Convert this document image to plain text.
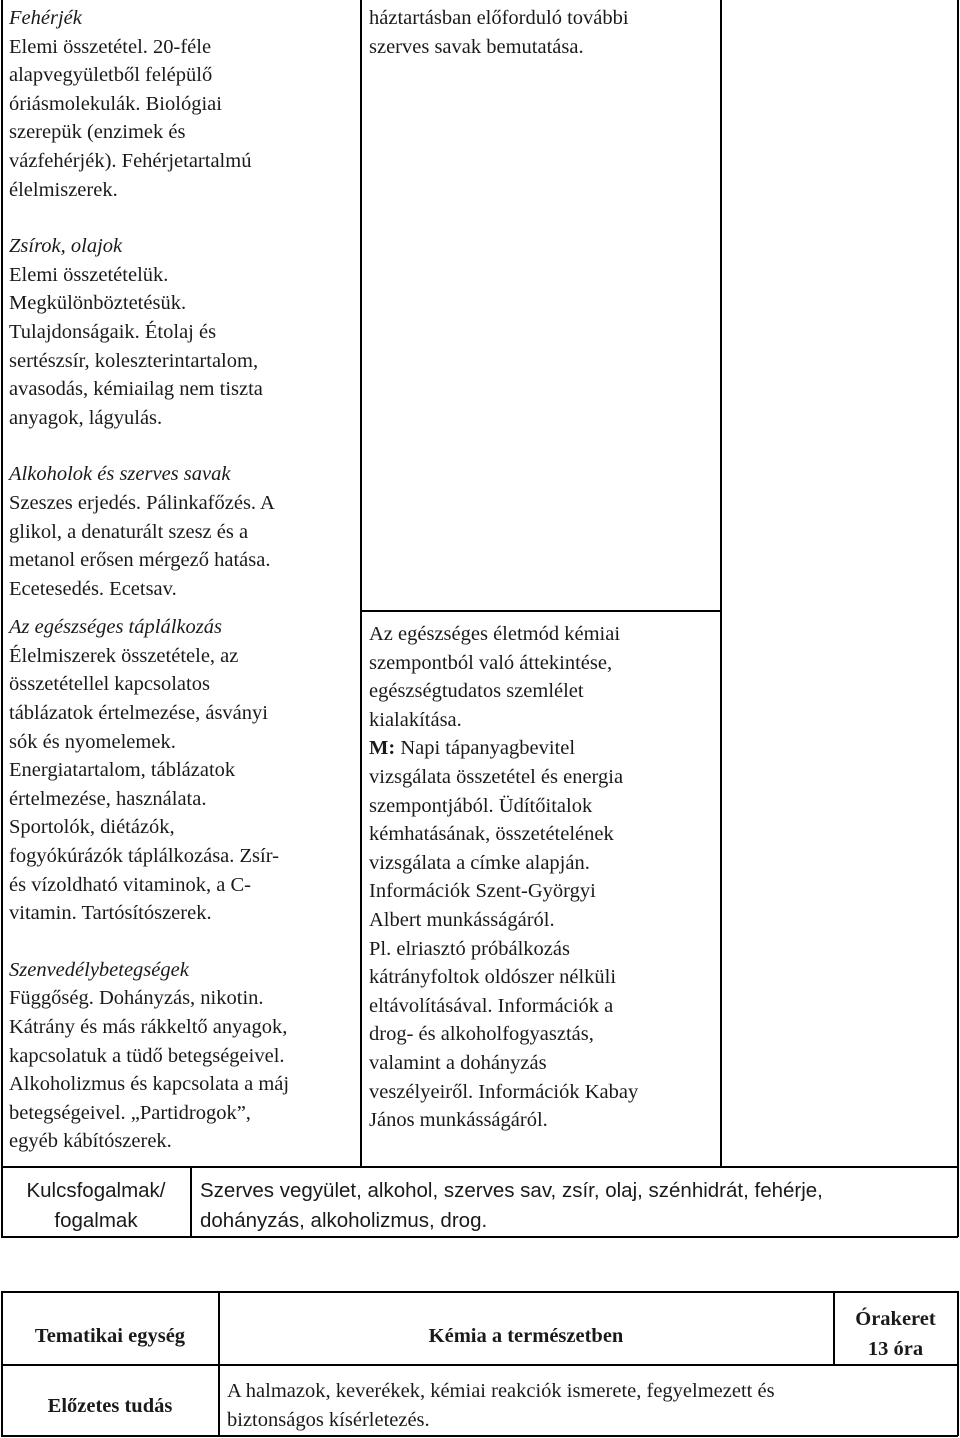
Fehérjék

Elemi összetétel. 20-féle

alapvegyületből felépülő

óriásmolekulák. Biológiai

szerepük (enzimek és

vázfehérjék). Fehérjetartalmú

élelmiszerek.

Zsírok, olajok

Elemi összetételük.

Megkülönböztetésük.

Tulajdonságaik. Étolaj és

sertészsír, koleszterintartalom,

avasodás, kémiailag nem tiszta

anyagok, lágyulás.

Alkoholok és szerves savak

Szeszes erjedés. Pálinkafőzés. A

glikol, a denaturált szesz és a

metanol erősen mérgező hatása.

Ecetesedés. Ecetsav.

Az egészséges táplálkozás

Élelmiszerek összetétele, az

összetétellel kapcsolatos

táblázatok értelmezése, ásványi

sók és nyomelemek.

Energiatartalom, táblázatok

értelmezése, használata.

Sportolók, diétázók,

fogyókúrázók táplálkozása. Zsír-

és vízoldható vitaminok, a C-

vitamin. Tartósítószerek.

Szenvedélybetegségek

Függőség. Dohányzás, nikotin.

Kátrány és más rákkeltő anyagok,

kapcsolatuk a tüdő betegségeivel.

Alkoholizmus és kapcsolata a máj

betegségeivel. „Partidrogok”,

egyéb kábítószerek.

háztartásban előforduló további

szerves savak bemutatása.

Az egészséges életmód kémiai

szempontból való áttekintése,

egészségtudatos szemlélet

kialakítása.

M: Napi tápanyagbevitel

vizsgálata összetétel és energia

szempontjából. Üdítőitalok

kémhatásának, összetételének

vizsgálata a címke alapján.

Információk Szent-Györgyi

Albert munkásságáról.

Pl. elriasztó próbálkozás

kátrányfoltok oldószer nélküli

eltávolításával. Információk a

drog- és alkoholfogyasztás,

valamint a dohányzás

veszélyeiről. Információk Kabay

János munkásságáról.

Kulcsfogalmak/
fogalmak
Szerves vegyület, alkohol, szerves sav, zsír, olaj, szénhidrát, fehérje,
dohányzás, alkoholizmus, drog.
Tematikai egység	Kémia a természetben
Órakeret
13 óra
Előzetes tudás
A halmazok, keverékek, kémiai reakciók ismerete, fegyelmezett és
biztonságos kísérletezés.
